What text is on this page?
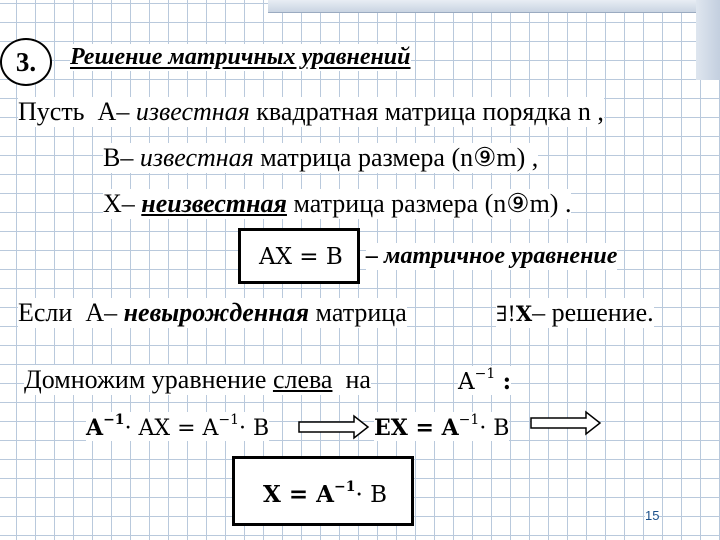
3. Решение матричных уравнений
Пусть A– известная квадратная матрица порядка n ,
B– известная матрица размера (n⑨m) ,
X– неизвестная матрица размера (n⑨m) .
AX = B – матричное уравнение
Если A– невырожденная матрица	∃!X– решение.
Домножим уравнение слева на	$A^{-1}$ :
$A^{-1}\cdot$ AX = $A^{-1}\cdot B$	EX = $A^{-1}\cdot B$
$X = A^{-1}\cdot B$
15
